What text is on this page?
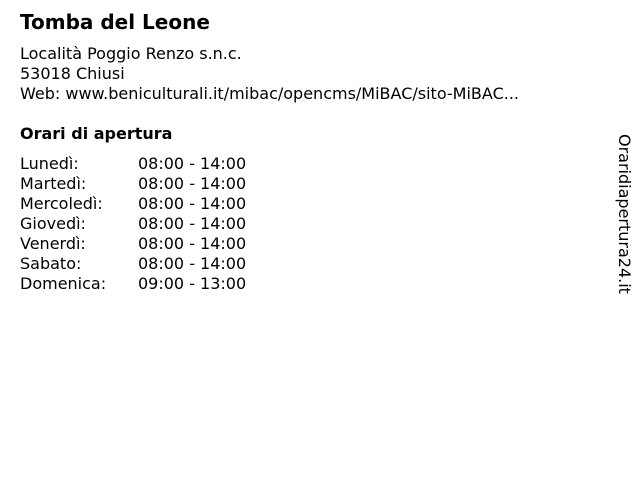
Tomba del Leone
Località Poggio Renzo s.n.c.
53018 Chiusi
Web: www.beniculturali.it/mibac/opencms/MiBAC/sito-MiBAC...
Orari di apertura
Lunedì:	08:00 - 14:00
Martedì:	08:00 - 14:00
Mercoledì:	08:00 - 14:00
Giovedì:	08:00 - 14:00
Venerdì:	08:00 - 14:00
Sabato:	08:00 - 14:00
Domenica:	09:00 - 13:00	Oraridiapertura24.it
